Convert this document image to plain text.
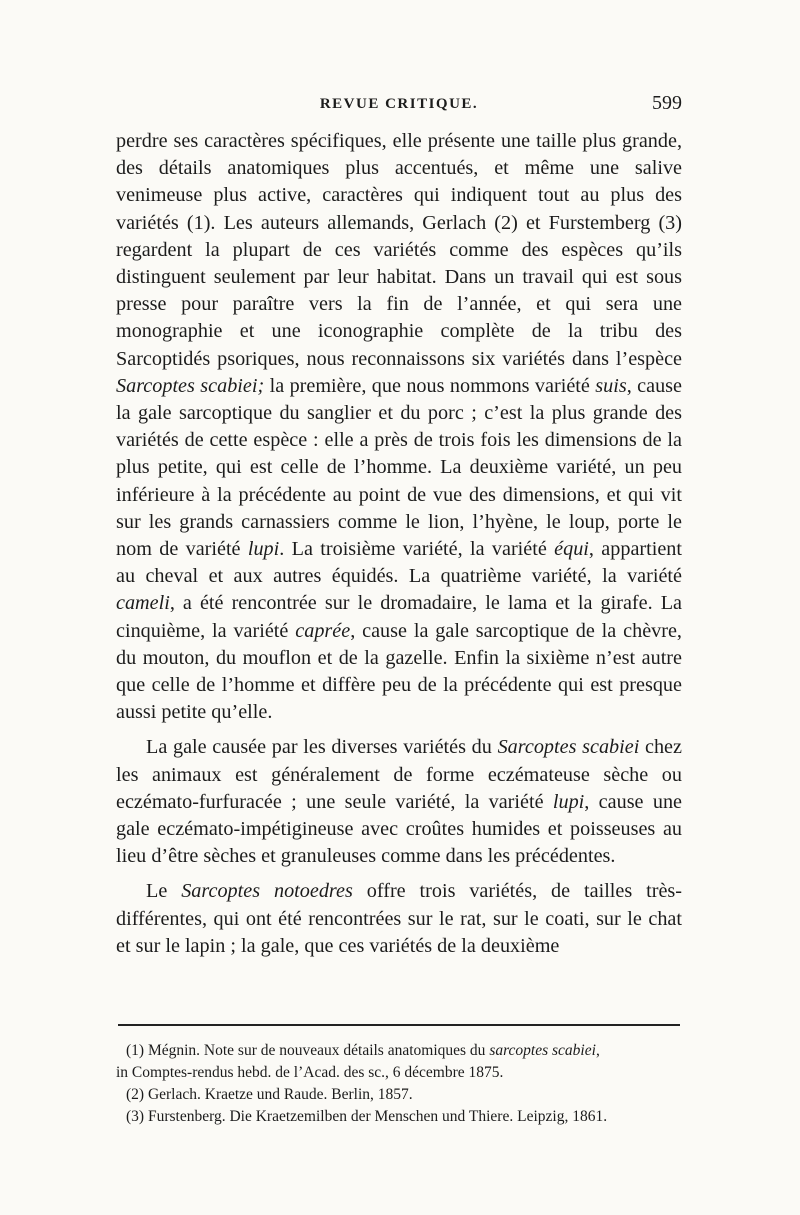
REVUE CRITIQUE.	599

perdre ses caractères spécifiques, elle présente une taille plus grande, des détails anatomiques plus accentués, et même une salive venimeuse plus active, caractères qui indiquent tout au plus des variétés (1). Les auteurs allemands, Gerlach (2) et Furstemberg (3) regardent la plupart de ces variétés comme des espèces qu’ils distinguent seulement par leur habitat. Dans un travail qui est sous presse pour paraître vers la fin de l’année, et qui sera une monographie et une iconographie complète de la tribu des Sarcoptidés psoriques, nous reconnaissons six variétés dans l’espèce Sarcoptes scabiei; la première, que nous nommons variété suis, cause la gale sarcoptique du sanglier et du porc ; c’est la plus grande des variétés de cette espèce : elle a près de trois fois les dimensions de la plus petite, qui est celle de l’homme. La deuxième variété, un peu inférieure à la précédente au point de vue des dimensions, et qui vit sur les grands carnassiers comme le lion, l’hyène, le loup, porte le nom de variété lupi. La troisième variété, la variété équi, appartient au cheval et aux autres équidés. La quatrième variété, la variété cameli, a été rencontrée sur le dromadaire, le lama et la girafe. La cinquième, la variété caprée, cause la gale sarcoptique de la chèvre, du mouton, du mouflon et de la gazelle. Enfin la sixième n’est autre que celle de l’homme et diffère peu de la précédente qui est presque aussi petite qu’elle.

La gale causée par les diverses variétés du Sarcoptes scabiei chez les animaux est généralement de forme eczémateuse sèche ou eczémato-furfuracée ; une seule variété, la variété lupi, cause une gale eczémato-impétigineuse avec croûtes humides et poisseuses au lieu d’être sèches et granuleuses comme dans les précédentes.

Le Sarcoptes notoedres offre trois variétés, de tailles très-différentes, qui ont été rencontrées sur le rat, sur le coati, sur le chat et sur le lapin ; la gale, que ces variétés de la deuxième

(1) Mégnin. Note sur de nouveaux détails anatomiques du sarcoptes scabiei,

in Comptes-rendus hebd. de l’Acad. des sc., 6 décembre 1875.

(2) Gerlach. Kraetze und Raude. Berlin, 1857.

(3) Furstenberg. Die Kraetzemilben der Menschen und Thiere. Leipzig, 1861.
